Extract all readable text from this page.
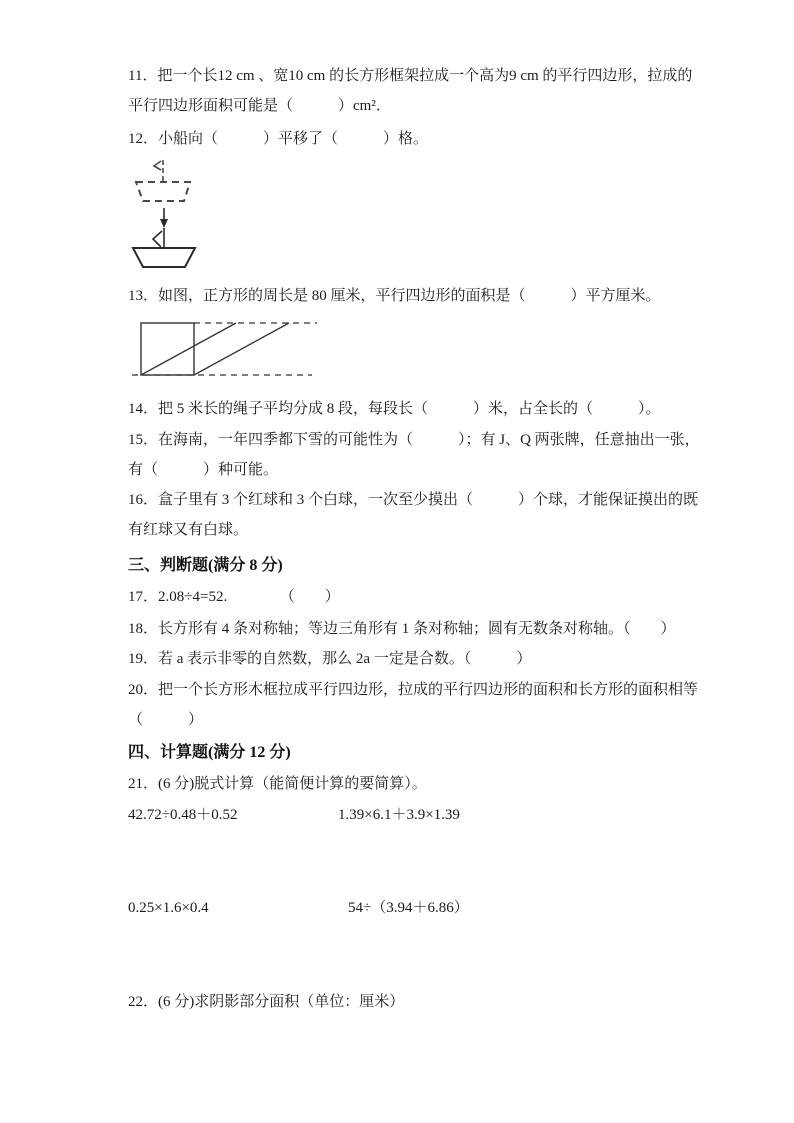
11．把一个长12 cm 、宽10 cm 的长方形框架拉成一个高为9 cm 的平行四边形，拉成的
平行四边形面积可能是（　　　）cm²．
12．小船向（　　　）平移了（　　　）格。
13．如图，正方形的周长是 80 厘米，平行四边形的面积是（　　　）平方厘米。
14．把 5 米长的绳子平均分成 8 段，每段长（　　　）米，占全长的（　　　）。
15．在海南，一年四季都下雪的可能性为（　　　）；有 J、Q 两张牌，任意抽出一张，
有（　　　）种可能。
16．盒子里有 3 个红球和 3 个白球，一次至少摸出（　　　）个球，才能保证摸出的既
有红球又有白球。
三、判断题(满分 8 分)
17．2.08÷4=52.　　　　（　　）
18．长方形有 4 条对称轴；等边三角形有 1 条对称轴；圆有无数条对称轴。（　　）
19．若 a 表示非零的自然数，那么 2a 一定是合数。（　　　）
20．把一个长方形木框拉成平行四边形，拉成的平行四边形的面积和长方形的面积相等
（　　　）
四、计算题(满分 12 分)
21．(6 分)脱式计算（能简便计算的要简算）。
42.72÷0.48＋0.52	1.39×6.1＋3.9×1.39
0.25×1.6×0.4	54÷（3.94＋6.86）
22．(6 分)求阴影部分面积（单位：厘米）
